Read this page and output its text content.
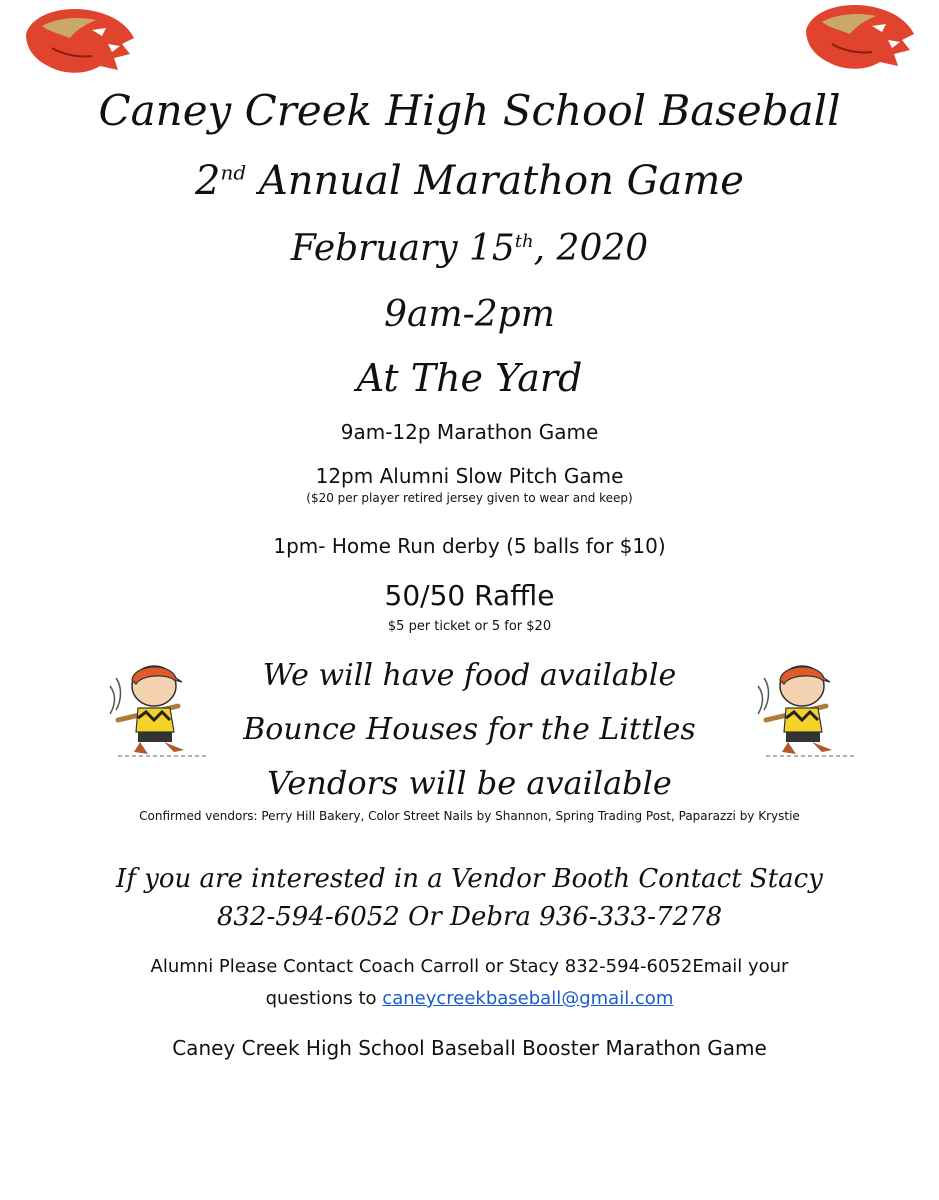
Caney Creek High School Baseball

2nd Annual Marathon Game

February 15th, 2020

9am-2pm

At The Yard

9am-12p Marathon Game

12pm Alumni Slow Pitch Game

($20 per player retired jersey given to wear and keep)

1pm- Home Run derby (5 balls for $10)

50/50 Raffle

$5 per ticket or 5 for $20

We will have food available

Bounce Houses for the Littles

Vendors will be available

Confirmed vendors: Perry Hill Bakery, Color Street Nails by Shannon, Spring Trading Post, Paparazzi by Krystie

If you are interested in a Vendor Booth Contact Stacy

832-594-6052 Or Debra 936-333-7278

Alumni Please Contact Coach Carroll or Stacy 832-594-6052Email your

questions to caneycreekbaseball@gmail.com

Caney Creek High School Baseball Booster Marathon Game
